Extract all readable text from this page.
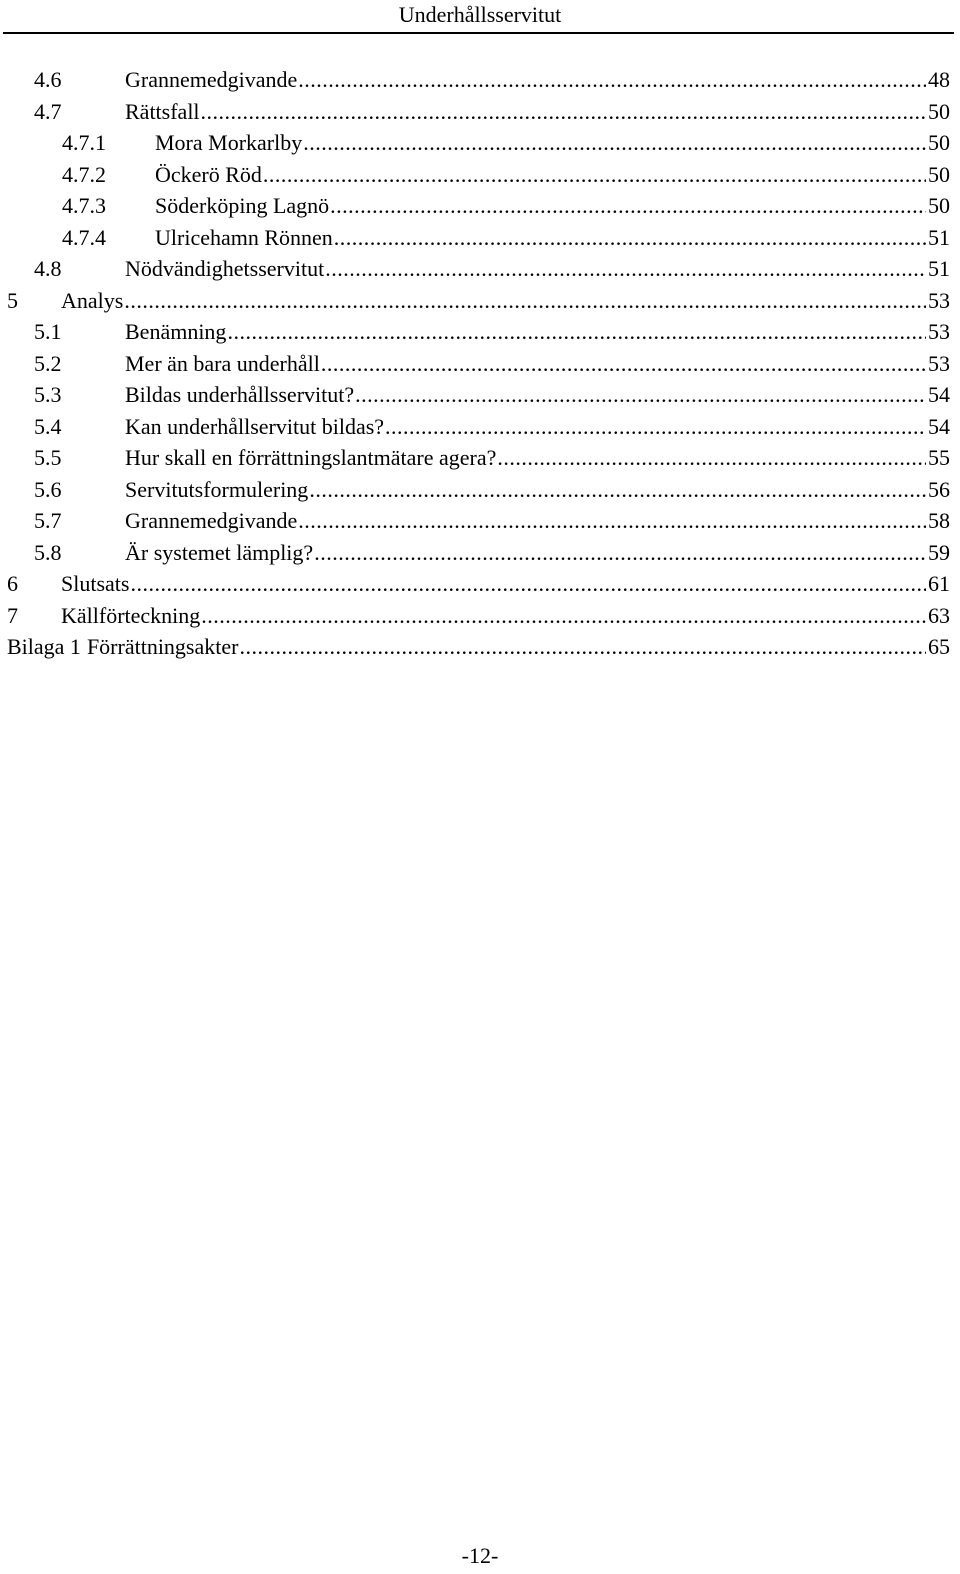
Underhållsservitut
4.6	Grannemedgivande .....	48
4.7	Rättsfall .....	50
4.7.1	Mora Morkarlby .....	50
4.7.2	Öckerö Röd .....	50
4.7.3	Söderköping Lagnö .....	50
4.7.4	Ulricehamn Rönnen .....	51
4.8	Nödvändighetsservitut .....	51
5	Analys .....	53
5.1	Benämning .....	53
5.2	Mer än bara underhåll .....	53
5.3	Bildas underhållsservitut? .....	54
5.4	Kan underhållservitut bildas? .....	54
5.5	Hur skall en förrättningslantmätare agera? .....	55
5.6	Servitutsformulering .....	56
5.7	Grannemedgivande .....	58
5.8	Är systemet lämplig? .....	59
6	Slutsats .....	61
7	Källförteckning .....	63
Bilaga 1 Förrättningsakter .....	65
-12-
